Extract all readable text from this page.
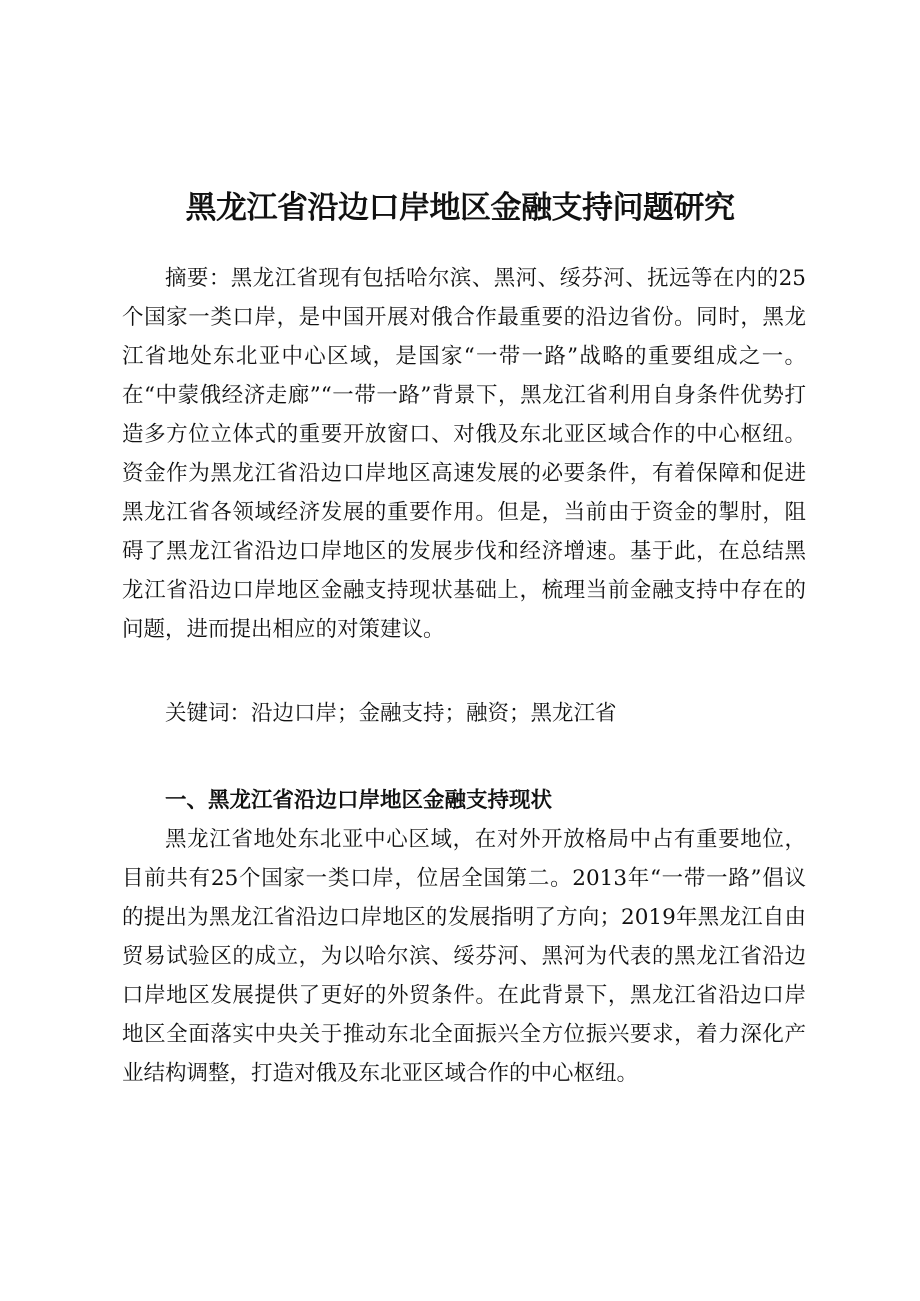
黑龙江省沿边口岸地区金融支持问题研究

摘要：黑龙江省现有包括哈尔滨、黑河、绥芬河、抚远等在内的25个国家一类口岸，是中国开展对俄合作最重要的沿边省份。同时，黑龙江省地处东北亚中心区域，是国家“一带一路”战略的重要组成之一。在“中蒙俄经济走廊”“一带一路”背景下，黑龙江省利用自身条件优势打造多方位立体式的重要开放窗口、对俄及东北亚区域合作的中心枢纽。资金作为黑龙江省沿边口岸地区高速发展的必要条件，有着保障和促进黑龙江省各领域经济发展的重要作用。但是，当前由于资金的掣肘，阻碍了黑龙江省沿边口岸地区的发展步伐和经济增速。基于此，在总结黑龙江省沿边口岸地区金融支持现状基础上，梳理当前金融支持中存在的问题，进而提出相应的对策建议。

关键词：沿边口岸；金融支持；融资；黑龙江省

一、黑龙江省沿边口岸地区金融支持现状

黑龙江省地处东北亚中心区域，在对外开放格局中占有重要地位，目前共有25个国家一类口岸，位居全国第二。2013年“一带一路”倡议的提出为黑龙江省沿边口岸地区的发展指明了方向；2019年黑龙江自由贸易试验区的成立，为以哈尔滨、绥芬河、黑河为代表的黑龙江省沿边口岸地区发展提供了更好的外贸条件。在此背景下，黑龙江省沿边口岸地区全面落实中央关于推动东北全面振兴全方位振兴要求，着力深化产业结构调整，打造对俄及东北亚区域合作的中心枢纽。
